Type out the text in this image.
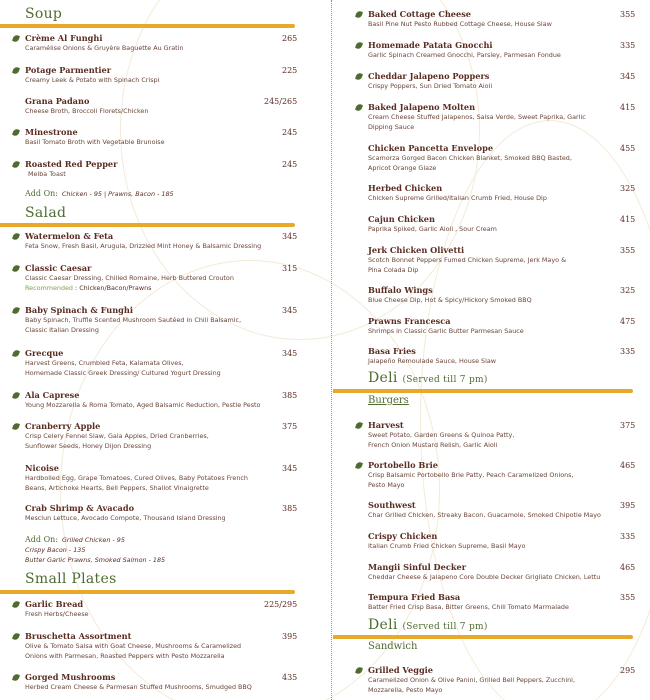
Soup
Crème Al Funghi
Caramélise Onions & Gruyère Baguette Au Gratin
265
Potage Parmentier
Creamy Leek & Potato with Spinach Crispi
225
Grana Padano
Cheese Broth, Broccoli Florets/Chicken
245/265
Minestrone
Basil Tomato Broth with Vegetable Brunoise
245
Roasted Red Pepper
Melba Toast
245
Add On: Chicken - 95 | Prawns, Bacon - 185
Salad
Watermelon & Feta
Feta Snow, Fresh Basil, Arugula, Drizzled Mint Honey & Balsamic Dressing
345
Classic Caesar
Classic Caesar Dressing, Chilled Romaine, Herb Buttered Crouton
Recommended : Chicken/Bacon/Prawns
315
Baby Spinach & Funghi
Baby Spinach, Truffle Scented Mushroom Sautéed in Chili Balsamic,
Classic Italian Dressing
345
Grecque
Harvest Greens, Crumbled Feta, Kalamata Olives,
Homemade Classic Greek Dressing/ Cultured Yogurt Dressing
345
Ala Caprese
Young Mozzarella & Roma Tomato, Aged Balsamic Reduction, Pestle Pesto
385
Cranberry Apple
Crisp Celery Fennel Slaw, Gala Apples, Dried Cranberries,
Sunflower Seeds, Honey Dijon Dressing
375
Nicoise
Hardboiled Egg, Grape Tomatoes, Cured Olives, Baby Potatoes French
Beans, Artichoke Hearts, Bell Peppers, Shallot Vinaigrette
345
Crab Shrimp & Avacado
Mesclun Lettuce, Avocado Compote, Thousand Island Dressing
385
Add On: Grilled Chicken - 95
Crispy Bacon - 135
Butter Garlic Prawns, Smoked Salmon - 185
Small Plates
Garlic Bread
Fresh Herbs/Cheese
225/295
Bruschetta Assortment
Olive & Tomato Salsa with Goat Cheese, Mushrooms & Caramelized
Onions with Parmesan, Roasted Peppers with Pesto Mozzarella
395
Gorged Mushrooms
Herbed Cream Cheese & Parmesan Stuffed Mushrooms, Smudged BBQ
435
Baked Cottage Cheese
Basil Pine Nut Pesto Rubbed Cottage Cheese, House Slaw
355
Homemade Patata Gnocchi
Garlic Spinach Creamed Gnocchi, Parsley, Parmesan Fondue
335
Cheddar Jalapeno Poppers
Crispy Poppers, Sun Dried Tomato Aioli
345
Baked Jalapeno Molten
Cream Cheese Stuffed Jalapenos, Salsa Verde, Sweet Paprika, Garlic
Dipping Sauce
415
Chicken Pancetta Envelope
Scamorza Gorged Bacon Chicken Blanket, Smoked BBQ Basted,
Apricot Orange Glaze
455
Herbed Chicken
Chicken Supreme Grilled/Italian Crumb Fried, House Dip
325
Cajun Chicken
Paprika Spiked, Garlic Aioli , Sour Cream
415
Jerk Chicken Olivetti
Scotch Bonnet Peppers Fumed Chicken Supreme, Jerk Mayo &
Pina Colada Dip
355
Buffalo Wings
Blue Cheese Dip, Hot & Spicy/Hickory Smoked BBQ
325
Prawns Francesca
Shrimps in Classic Garlic Butter Parmesan Sauce
475
Basa Fries
Jalapeño Remoulade Sauce, House Slaw
335
Deli (Served till 7 pm)
Burgers
Harvest
Sweet Potato, Garden Greens & Quinoa Patty,
French Onion Mustard Relish, Garlic Aioli
375
Portobello Brie
Crisp Balsamic Portobello Brie Patty, Peach Caramelized Onions,
Pesto Mayo
465
Southwest
Char Grilled Chicken, Streaky Bacon, Guacamole, Smoked Chipotle Mayo
395
Crispy Chicken
Italian Crumb Fried Chicken Supreme, Basil Mayo
335
Mangii Sinful Decker
Cheddar Cheese & Jalapeno Core Double Decker Grigliato Chicken, Lettu
465
Tempura Fried Basa
Batter Fried Crisp Basa, Bitter Greens, Chili Tomato Marmalade
355
Deli (Served till 7 pm)
Sandwich
Grilled Veggie
Caramelized Onion & Olive Panini, Grilled Bell Peppers, Zucchini,
Mozzarella, Pesto Mayo
295
